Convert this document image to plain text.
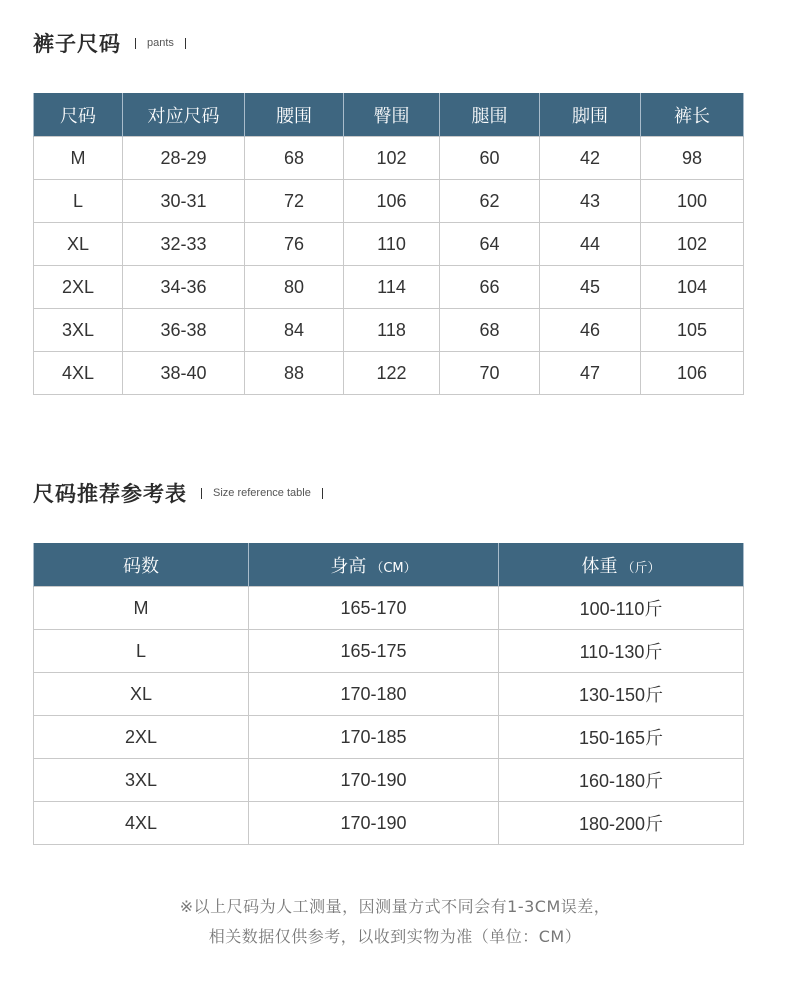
裤子尺码 pants
尺码	对应尺码	腰围	臀围	腿围	脚围	裤长
M	28-29	68	102	60	42	98
L	30-31	72	106	62	43	100
XL	32-33	76	110	64	44	102
2XL	34-36	80	114	66	45	104
3XL	36-38	84	118	68	46	105
4XL	38-40	88	122	70	47	106
尺码推荐参考表 Size reference table
码数	身高 （CM）	体重 （斤）
M	165-170	100-110斤
L	165-175	110-130斤
XL	170-180	130-150斤
2XL	170-185	150-165斤
3XL	170-190	160-180斤
4XL	170-190	180-200斤
※以上尺码为人工测量，因测量方式不同会有1-3CM误差，
相关数据仅供参考，以收到实物为准（单位：CM）
